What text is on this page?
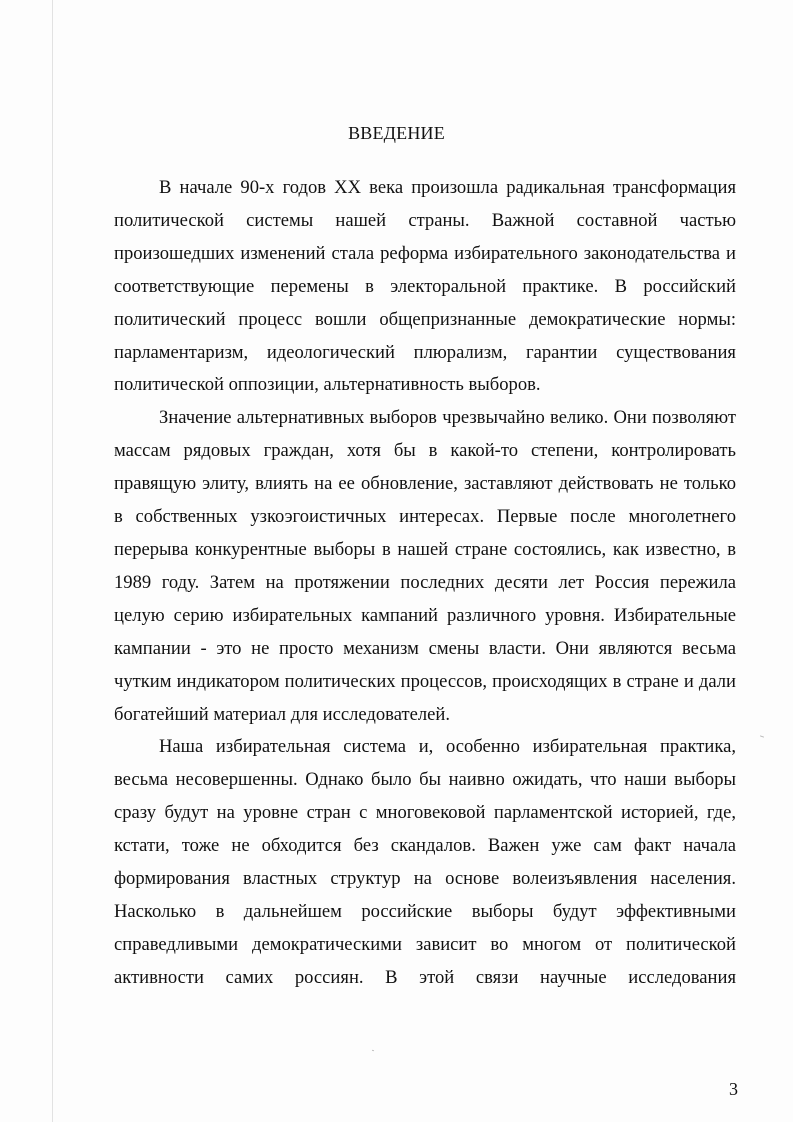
ВВЕДЕНИЕ

В начале 90-х годов XX века произошла радикальная трансформация политической системы нашей страны. Важной составной частью произошедших изменений стала реформа избирательного законодательства и соответствующие перемены в электоральной практике. В российский политический процесс вошли общепризнанные демократические нормы: парламентаризм, идеологический плюрализм, гарантии существования политической оппозиции, альтернативность выборов.

Значение альтернативных выборов чрезвычайно велико. Они позволяют массам рядовых граждан, хотя бы в какой-то степени, контролировать правящую элиту, влиять на ее обновление, заставляют действовать не только в собственных узкоэгоистичных интересах. Первые после многолетнего перерыва конкурентные выборы в нашей стране состоялись, как известно, в 1989 году. Затем на протяжении последних десяти лет Россия пережила целую серию избирательных кампаний различного уровня. Избирательные кампании - это не просто механизм смены власти. Они являются весьма чутким индикатором политических процессов, происходящих в стране и дали богатейший материал для исследователей.

Наша избирательная система и, особенно избирательная практика, весьма несовершенны. Однако было бы наивно ожидать, что наши выборы сразу будут на уровне стран с многовековой парламентской историей, где, кстати, тоже не обходится без скандалов. Важен уже сам факт начала формирования властных структур на основе волеизъявления населения. Насколько в дальнейшем российские выборы будут эффективными справедливыми демократическими зависит во многом от политической активности самих россиян. В этой связи научные исследования

3
